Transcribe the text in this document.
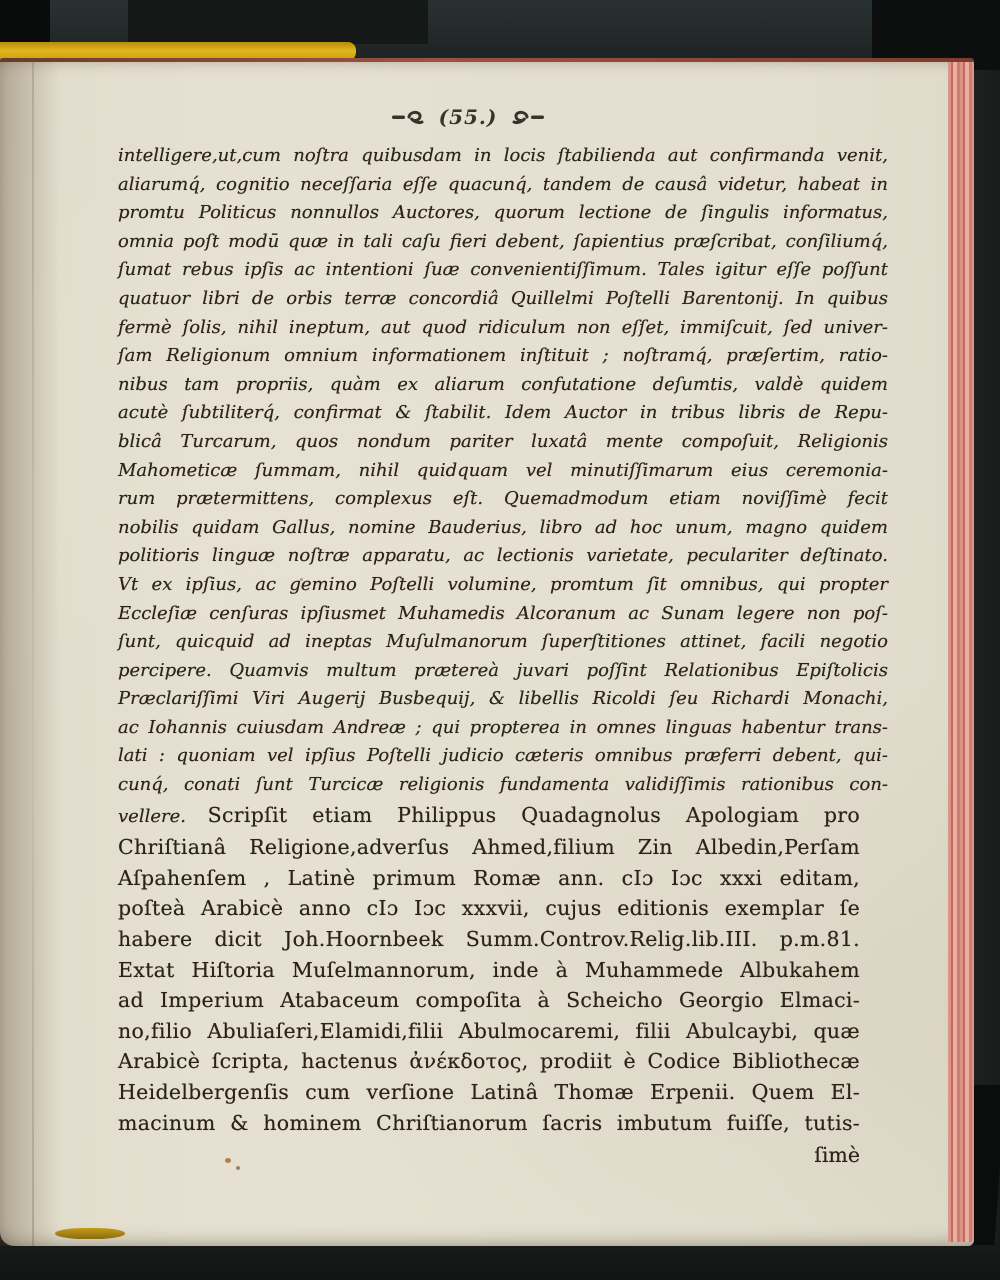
(55.)
intelligere,ut,cum noſtra quibusdam in locis ſtabilienda aut confirmanda venit,
aliarumq́, cognitio neceſſaria eſſe quacunq́, tandem de causâ videtur, habeat in
promtu Politicus nonnullos Auctores, quorum lectione de ſingulis informatus,
omnia poſt modū quæ in tali caſu fieri debent, ſapientius præſcribat, conſiliumq́,
ſumat rebus ipſis ac intentioni ſuæ convenientiſſimum. Tales igitur eſſe poſſunt
quatuor libri de orbis terræ concordiâ Quillelmi Poſtelli Barentonij. In quibus
fermè ſolis, nihil ineptum, aut quod ridiculum non eſſet, immiſcuit, ſed univer-
ſam Religionum omnium informationem inſtituit ; noſtramq́, præſertim, ratio-
nibus tam propriis, quàm ex aliarum confutatione deſumtis, valdè quidem
acutè ſubtiliterq́, confirmat & ſtabilit. Idem Auctor in tribus libris de Repu-
blicâ Turcarum, quos nondum pariter luxatâ mente compoſuit, Religionis
Mahometicæ ſummam, nihil quidquam vel minutiſſimarum eius ceremonia-
rum prætermittens, complexus eſt. Quemadmodum etiam noviſſimè fecit
nobilis quidam Gallus, nomine Bauderius, libro ad hoc unum, magno quidem
politioris linguæ noſtræ apparatu, ac lectionis varietate, peculariter deſtinato.
Vt ex ipſius, ac gemino Poſtelli volumine, promtum ſit omnibus, qui propter
Eccleſiæ cenſuras ipſiusmet Muhamedis Alcoranum ac Sunam legere non poſ-
ſunt, quicquid ad ineptas Muſulmanorum ſuperſtitiones attinet, facili negotio
percipere. Quamvis multum prætereà juvari poſſint Relationibus Epiſtolicis
Præclariſſimi Viri Augerij Busbequij, & libellis Ricoldi ſeu Richardi Monachi,
ac Iohannis cuiusdam Andreæ ; qui propterea in omnes linguas habentur trans-
lati : quoniam vel ipſius Poſtelli judicio cæteris omnibus præferri debent, qui-
cunq́, conati ſunt Turcicæ religionis fundamenta validiſſimis rationibus con-
vellere. Scripſit etiam Philippus Quadagnolus Apologiam pro
Chriſtianâ Religione,adverſus Ahmed,filium Zin Albedin,Perſam
Aſpahenſem , Latinè primum Romæ ann. cIɔ Iɔc xxxi editam,
poſteà Arabicè anno cIɔ Iɔc xxxvii, cujus editionis exemplar ſe
habere dicit Joh.Hoornbeek Summ.Controv.Relig.lib.III. p.m.81.
Extat Hiſtoria Muſelmannorum, inde à Muhammede Albukahem
ad Imperium Atabaceum compoſita à Scheicho Georgio Elmaci-
no,filio Abuliaſeri,Elamidi,filii Abulmocaremi, filii Abulcaybi, quæ
Arabicè ſcripta, hactenus ἀνέκδοτος, prodiit è Codice Bibliothecæ
Heidelbergenſis cum verſione Latinâ Thomæ Erpenii. Quem El-
macinum & hominem Chriſtianorum ſacris imbutum fuiſſe, tutis-
ſimè
